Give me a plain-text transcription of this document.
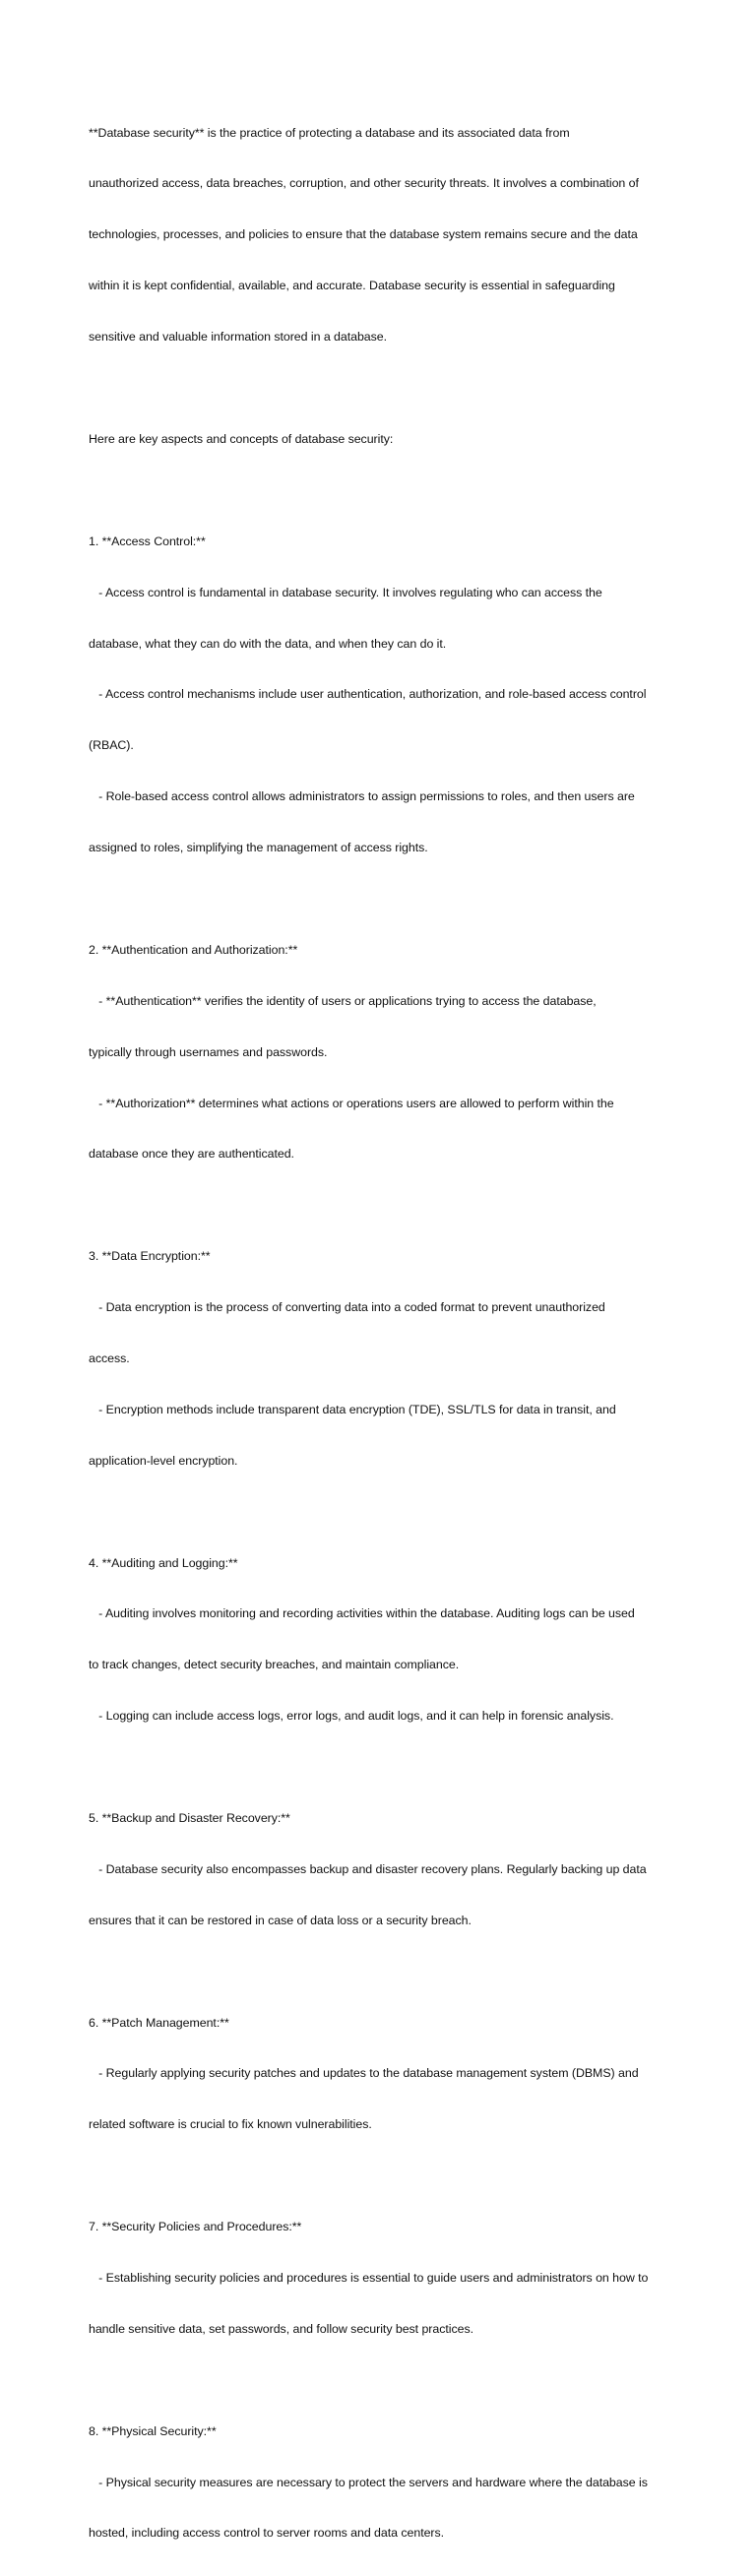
**Database security** is the practice of protecting a database and its associated data from

unauthorized access, data breaches, corruption, and other security threats. It involves a combination of

technologies, processes, and policies to ensure that the database system remains secure and the data

within it is kept confidential, available, and accurate. Database security is essential in safeguarding

sensitive and valuable information stored in a database.

Here are key aspects and concepts of database security:

1. **Access Control:**

- Access control is fundamental in database security. It involves regulating who can access the

database, what they can do with the data, and when they can do it.

- Access control mechanisms include user authentication, authorization, and role-based access control

(RBAC).

- Role-based access control allows administrators to assign permissions to roles, and then users are

assigned to roles, simplifying the management of access rights.

2. **Authentication and Authorization:**

- **Authentication** verifies the identity of users or applications trying to access the database,

typically through usernames and passwords.

- **Authorization** determines what actions or operations users are allowed to perform within the

database once they are authenticated.

3. **Data Encryption:**

- Data encryption is the process of converting data into a coded format to prevent unauthorized

access.

- Encryption methods include transparent data encryption (TDE), SSL/TLS for data in transit, and

application-level encryption.

4. **Auditing and Logging:**

- Auditing involves monitoring and recording activities within the database. Auditing logs can be used

to track changes, detect security breaches, and maintain compliance.

- Logging can include access logs, error logs, and audit logs, and it can help in forensic analysis.

5. **Backup and Disaster Recovery:**

- Database security also encompasses backup and disaster recovery plans. Regularly backing up data

ensures that it can be restored in case of data loss or a security breach.

6. **Patch Management:**

- Regularly applying security patches and updates to the database management system (DBMS) and

related software is crucial to fix known vulnerabilities.

7. **Security Policies and Procedures:**

- Establishing security policies and procedures is essential to guide users and administrators on how to

handle sensitive data, set passwords, and follow security best practices.

8. **Physical Security:**

- Physical security measures are necessary to protect the servers and hardware where the database is

hosted, including access control to server rooms and data centers.
